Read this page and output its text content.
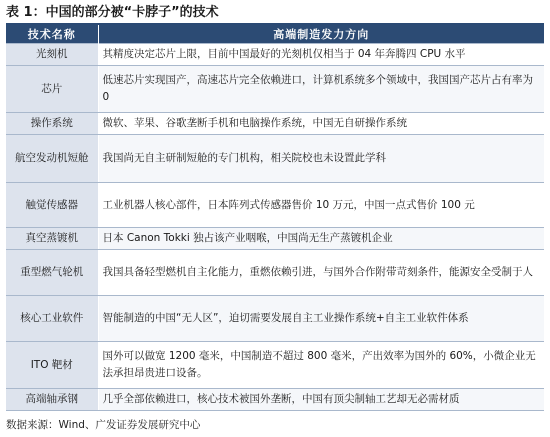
表 1：中国的部分被“卡脖子”的技术
技术名称	高端制造发力方向
光刻机	其精度决定芯片上限，目前中国最好的光刻机仅相当于 04 年奔腾四 CPU 水平
芯片	低速芯片实现国产，高速芯片完全依赖进口，计算机系统多个领域中，我国国产芯片占有率为 0
操作系统	微软、苹果、谷歌垄断手机和电脑操作系统，中国无自研操作系统
航空发动机短舱	我国尚无自主研制短舱的专门机构，相关院校也未设置此学科
触觉传感器	工业机器人核心部件，日本阵列式传感器售价 10 万元，中国一点式售价 100 元
真空蒸镀机	日本 Canon Tokki 独占该产业咽喉，中国尚无生产蒸镀机企业
重型燃气轮机	我国具备轻型燃机自主化能力，重燃依赖引进，与国外合作附带苛刻条件，能源安全受制于人
核心工业软件	智能制造的中国“无人区”，迫切需要发展自主工业操作系统+自主工业软件体系
ITO 靶材	国外可以做宽 1200 毫米，中国制造不超过 800 毫米，产出效率为国外的 60%，小微企业无法承担昂贵进口设备。
高端轴承钢	几乎全部依赖进口，核心技术被国外垄断，中国有顶尖制轴工艺却无必需材质
数据来源：Wind、广发证券发展研究中心
